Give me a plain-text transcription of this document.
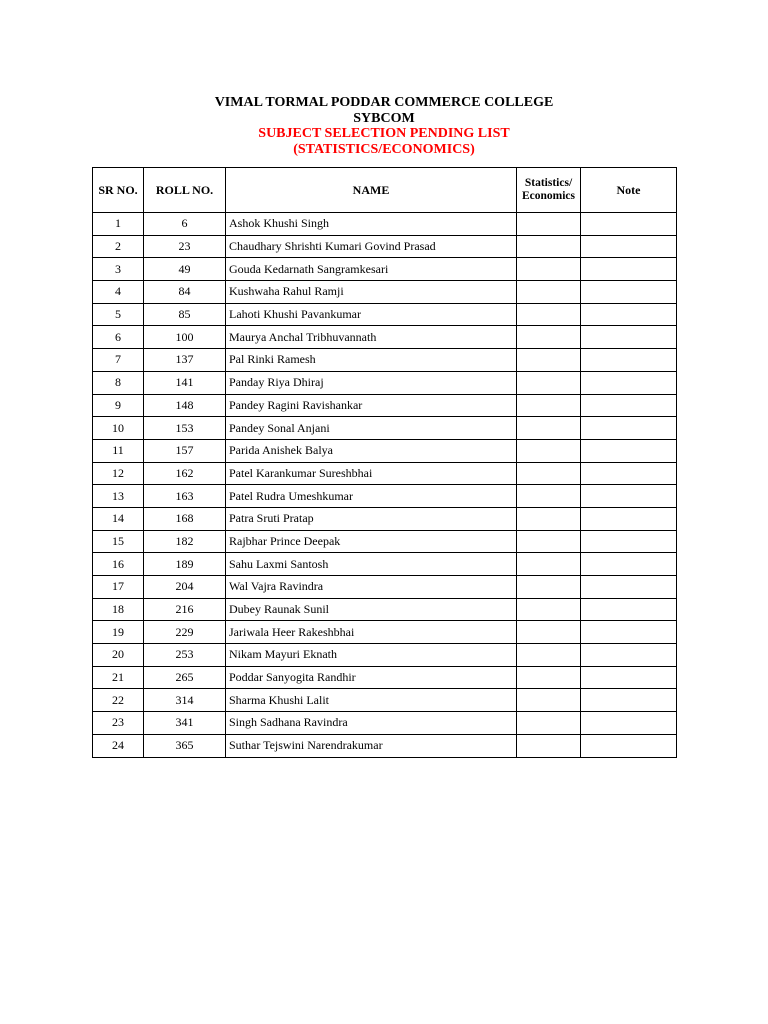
VIMAL TORMAL PODDAR COMMERCE COLLEGE
SYBCOM
SUBJECT SELECTION PENDING LIST
(STATISTICS/ECONOMICS)
SR NO.	ROLL NO.	NAME	Statistics/ Economics	Note
1	6	Ashok Khushi Singh		
2	23	Chaudhary Shrishti Kumari Govind Prasad		
3	49	Gouda Kedarnath Sangramkesari		
4	84	Kushwaha Rahul Ramji		
5	85	Lahoti Khushi Pavankumar		
6	100	Maurya Anchal Tribhuvannath		
7	137	Pal Rinki Ramesh		
8	141	Panday Riya Dhiraj		
9	148	Pandey Ragini Ravishankar		
10	153	Pandey Sonal Anjani		
11	157	Parida Anishek Balya		
12	162	Patel Karankumar Sureshbhai		
13	163	Patel Rudra Umeshkumar		
14	168	Patra Sruti Pratap		
15	182	Rajbhar Prince Deepak		
16	189	Sahu Laxmi Santosh		
17	204	Wal Vajra Ravindra		
18	216	Dubey Raunak Sunil		
19	229	Jariwala Heer Rakeshbhai		
20	253	Nikam Mayuri Eknath		
21	265	Poddar Sanyogita Randhir		
22	314	Sharma Khushi Lalit		
23	341	Singh Sadhana Ravindra		
24	365	Suthar Tejswini Narendrakumar		
